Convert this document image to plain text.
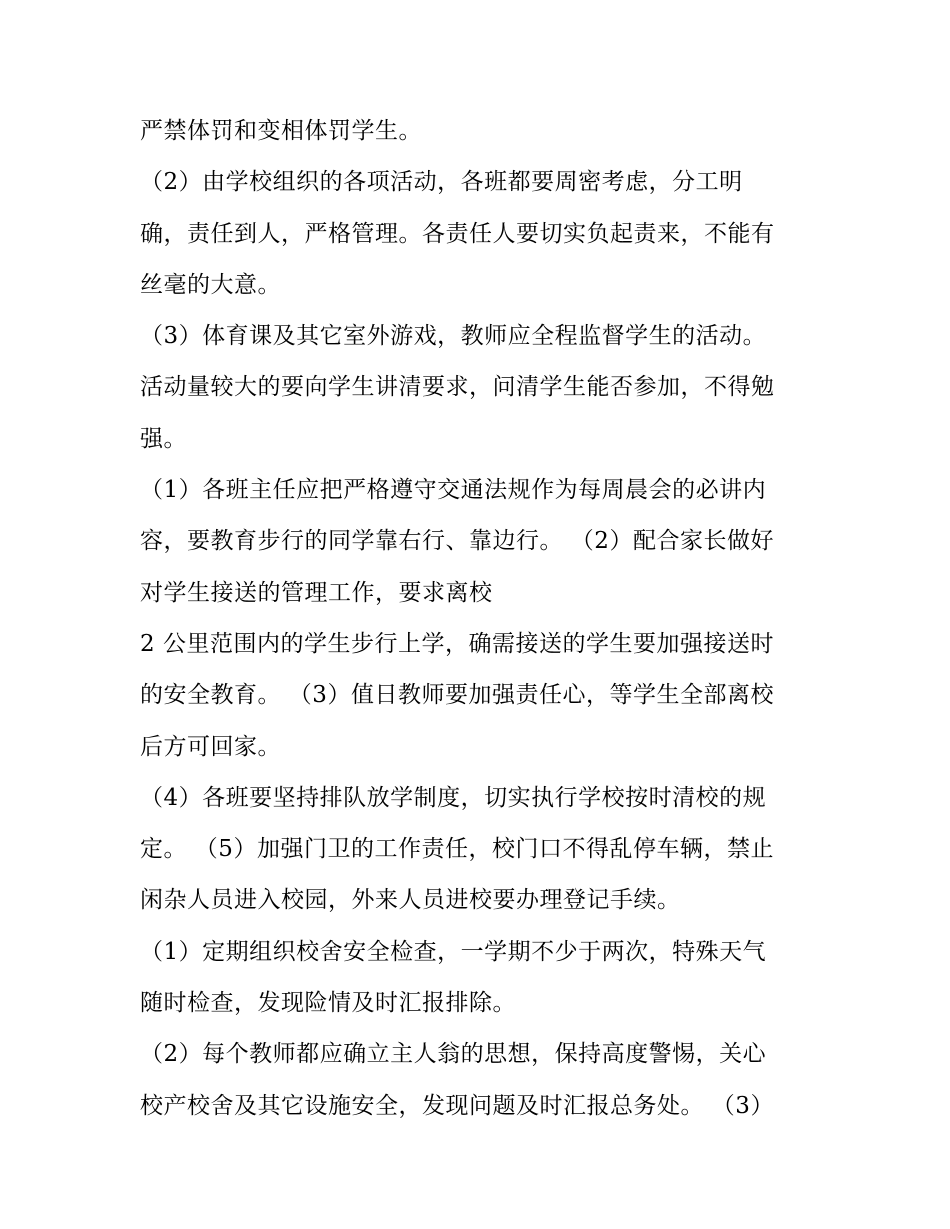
严禁体罚和变相体罚学生。
（2）由学校组织的各项活动，各班都要周密考虑，分工明
确，责任到人，严格管理。各责任人要切实负起责来，不能有
丝毫的大意。
（3）体育课及其它室外游戏，教师应全程监督学生的活动。
活动量较大的要向学生讲清要求，问清学生能否参加，不得勉
强。
（1）各班主任应把严格遵守交通法规作为每周晨会的必讲内
容，要教育步行的同学靠右行、靠边行。 （2）配合家长做好
对学生接送的管理工作，要求离校
2 公里范围内的学生步行上学，确需接送的学生要加强接送时
的安全教育。 （3）值日教师要加强责任心，等学生全部离校
后方可回家。
（4）各班要坚持排队放学制度，切实执行学校按时清校的规
定。 （5）加强门卫的工作责任，校门口不得乱停车辆，禁止
闲杂人员进入校园，外来人员进校要办理登记手续。
（1）定期组织校舍安全检查，一学期不少于两次，特殊天气
随时检查，发现险情及时汇报排除。
（2）每个教师都应确立主人翁的思想，保持高度警惕，关心
校产校舍及其它设施安全，发现问题及时汇报总务处。 （3）
